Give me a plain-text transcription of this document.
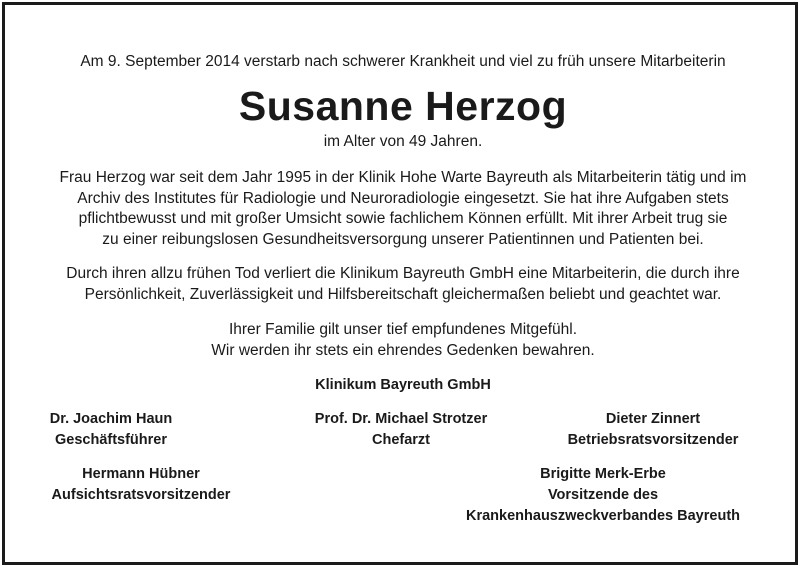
Am 9. September 2014 verstarb nach schwerer Krankheit und viel zu früh unsere Mitarbeiterin
Susanne Herzog
im Alter von 49 Jahren.
Frau Herzog war seit dem Jahr 1995 in der Klinik Hohe Warte Bayreuth als Mitarbeiterin tätig und im
Archiv des Institutes für Radiologie und Neuroradiologie eingesetzt. Sie hat ihre Aufgaben stets
pflichtbewusst und mit großer Umsicht sowie fachlichem Können erfüllt. Mit ihrer Arbeit trug sie
zu einer reibungslosen Gesundheitsversorgung unserer Patientinnen und Patienten bei.
Durch ihren allzu frühen Tod verliert die Klinikum Bayreuth GmbH eine Mitarbeiterin, die durch ihre
Persönlichkeit, Zuverlässigkeit und Hilfsbereitschaft gleichermaßen beliebt und geachtet war.
Ihrer Familie gilt unser tief empfundenes Mitgefühl.
Wir werden ihr stets ein ehrendes Gedenken bewahren.
Klinikum Bayreuth GmbH
Dr. Joachim Haun
Geschäftsführer
Prof. Dr. Michael Strotzer
Chefarzt
Dieter Zinnert
Betriebsratsvorsitzender
Hermann Hübner
Aufsichtsratsvorsitzender
Brigitte Merk-Erbe
Vorsitzende des
Krankenhauszweckverbandes Bayreuth
